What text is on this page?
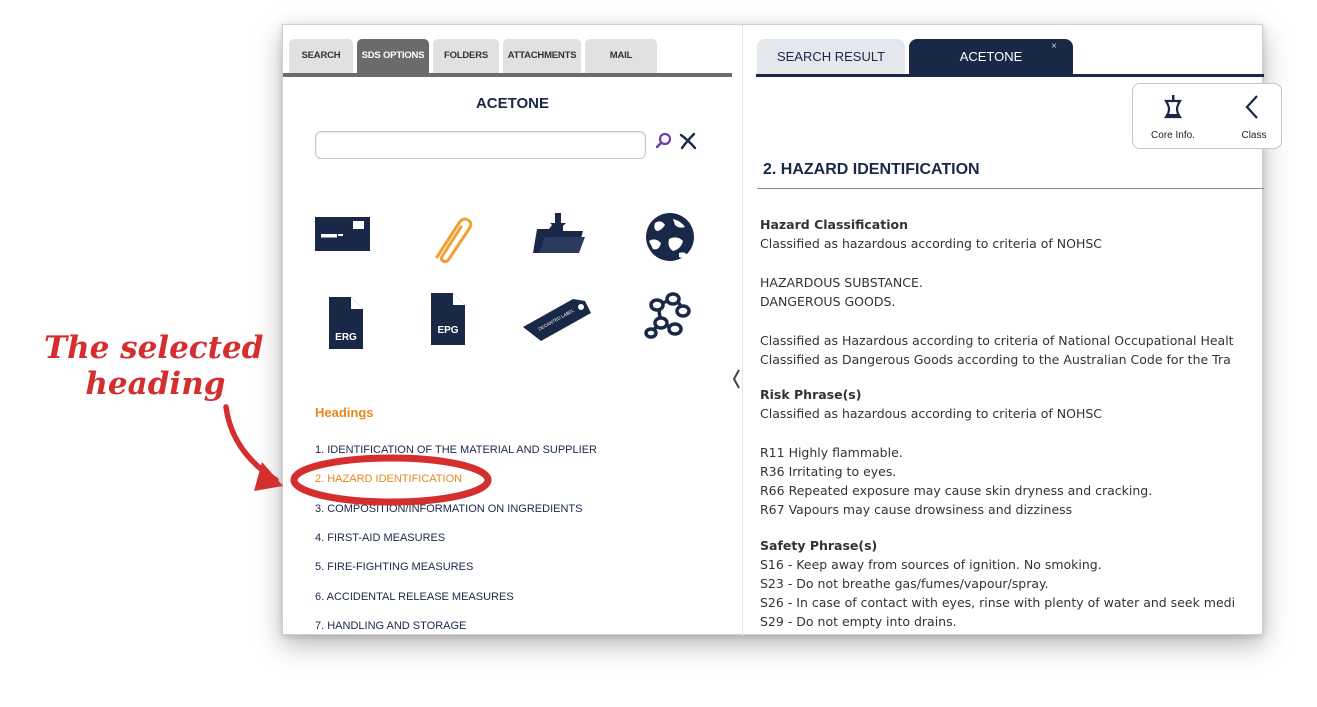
SEARCH	SDS OPTIONS	FOLDERS	ATTACHMENTS	MAIL
ACETONE
ERG
EPG	DECANTED LABEL
Headings
1. IDENTIFICATION OF THE MATERIAL AND SUPPLIER
2. HAZARD IDENTIFICATION
3. COMPOSITION/INFORMATION ON INGREDIENTS
4. FIRST-AID MEASURES
5. FIRE-FIGHTING MEASURES
6. ACCIDENTAL RELEASE MEASURES
7. HANDLING AND STORAGE
SEARCH RESULT	ACETONE
×
Core Info.	Class
2. HAZARD IDENTIFICATION
Hazard Classification
Classified as hazardous according to criteria of NOHSC
HAZARDOUS SUBSTANCE.
DANGEROUS GOODS.
Classified as Hazardous according to criteria of National Occupational Healt
Classified as Dangerous Goods according to the Australian Code for the Tra
Risk Phrase(s)
Classified as hazardous according to criteria of NOHSC
R11 Highly flammable.
R36 Irritating to eyes.
R66 Repeated exposure may cause skin dryness and cracking.
R67 Vapours may cause drowsiness and dizziness
Safety Phrase(s)
S16 - Keep away from sources of ignition. No smoking.
S23 - Do not breathe gas/fumes/vapour/spray.
S26 - In case of contact with eyes, rinse with plenty of water and seek medi
S29 - Do not empty into drains.
The selected
heading
